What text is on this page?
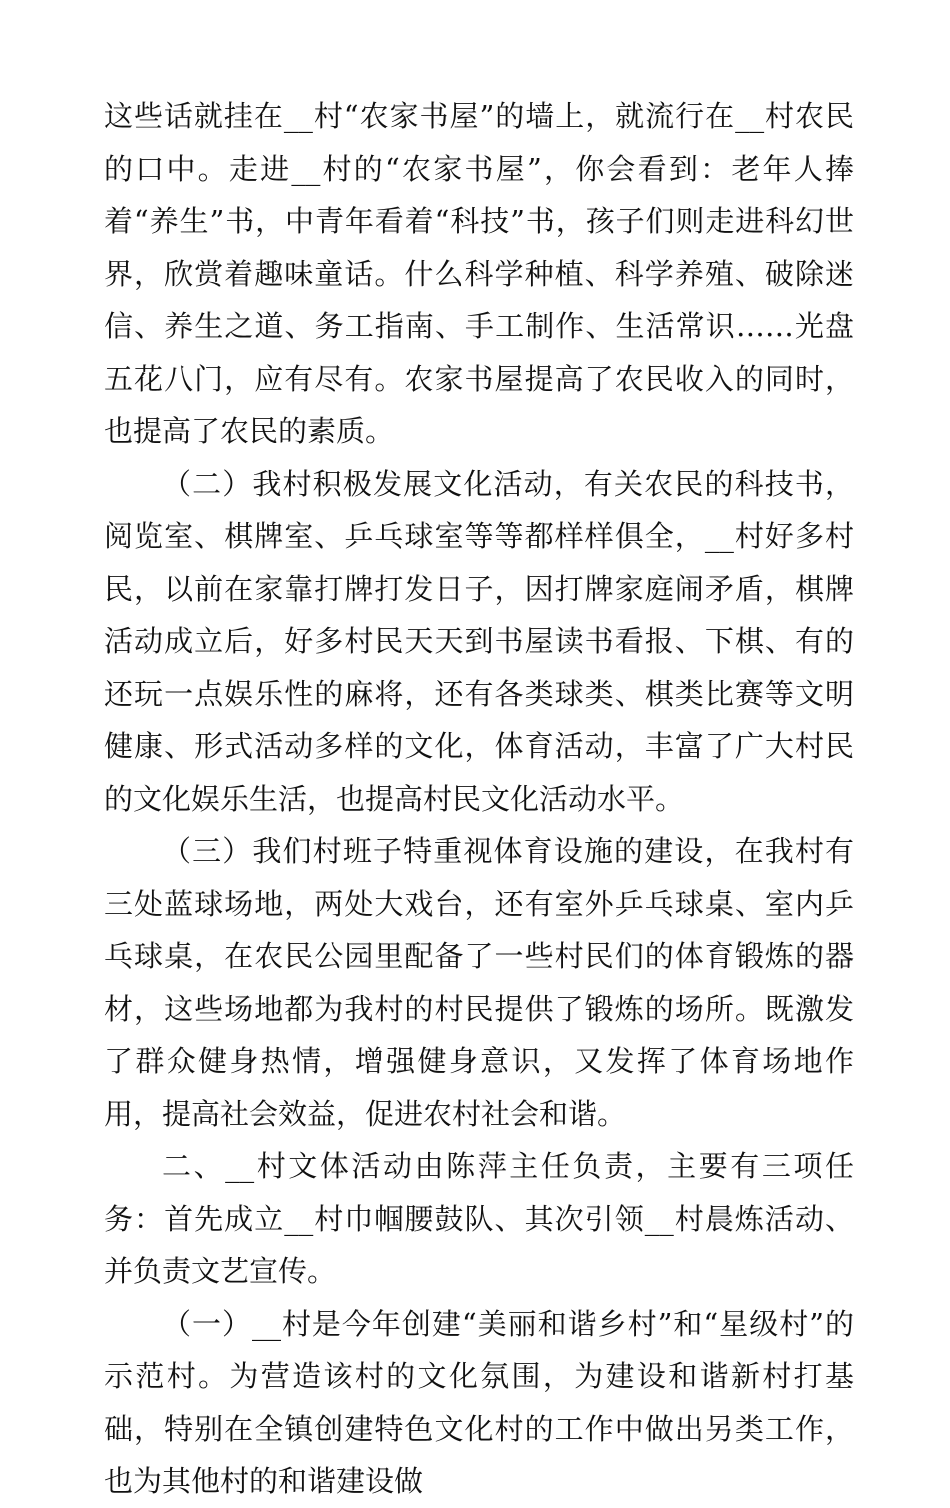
这些话就挂在__村“农家书屋”的墙上，就流行在__村农民的口中。走进__村的“农家书屋”，你会看到：老年人捧着“养生”书，中青年看着“科技”书，孩子们则走进科幻世界，欣赏着趣味童话。什么科学种植、科学养殖、破除迷信、养生之道、务工指南、手工制作、生活常识……光盘五花八门，应有尽有。农家书屋提高了农民收入的同时，也提高了农民的素质。

（二）我村积极发展文化活动，有关农民的科技书，阅览室、棋牌室、乒乓球室等等都样样俱全，__村好多村民，以前在家靠打牌打发日子，因打牌家庭闹矛盾，棋牌活动成立后，好多村民天天到书屋读书看报、下棋、有的还玩一点娱乐性的麻将，还有各类球类、棋类比赛等文明健康、形式活动多样的文化，体育活动，丰富了广大村民的文化娱乐生活，也提高村民文化活动水平。

（三）我们村班子特重视体育设施的建设，在我村有三处蓝球场地，两处大戏台，还有室外乒乓球桌、室内乒乓球桌，在农民公园里配备了一些村民们的体育锻炼的器材，这些场地都为我村的村民提供了锻炼的场所。既激发了群众健身热情，增强健身意识，又发挥了体育场地作用，提高社会效益，促进农村社会和谐。

二、__村文体活动由陈萍主任负责，主要有三项任务：首先成立__村巾帼腰鼓队、其次引领__村晨炼活动、并负责文艺宣传。

（一）__村是今年创建“美丽和谐乡村”和“星级村”的示范村。为营造该村的文化氛围，为建设和谐新村打基础，特别在全镇创建特色文化村的工作中做出另类工作，也为其他村的和谐建设做
